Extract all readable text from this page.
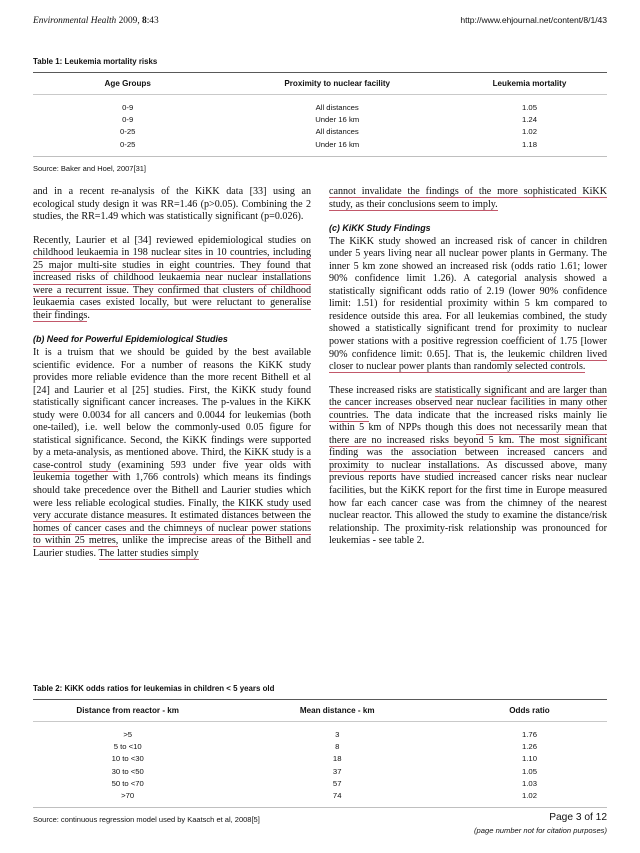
Environmental Health 2009, 8:43	http://www.ehjournal.net/content/8/1/43
Table 1: Leukemia mortality risks
Age Groups	Proximity to nuclear facility	Leukemia mortality
0-9	All distances	1.05
0-9	Under 16 km	1.24
0-25	All distances	1.02
0-25	Under 16 km	1.18
Source: Baker and Hoel, 2007[31]

and in a recent re-analysis of the KiKK data [33] using an ecological study design it was RR=1.46 (p>0.05). Combining the 2 studies, the RR=1.49 which was statistically significant (p=0.026).

Recently, Laurier et al [34] reviewed epidemiological studies on childhood leukaemia in 198 nuclear sites in 10 countries, including 25 major multi-site studies in eight countries. They found that increased risks of childhood leukaemia near nuclear installations were a recurrent issue. They confirmed that clusters of childhood leukaemia cases existed locally, but were reluctant to generalise their findings.

(b) Need for Powerful Epidemiological Studies

It is a truism that we should be guided by the best available scientific evidence. For a number of reasons the KiKK study provides more reliable evidence than the more recent Bithell et al [24] and Laurier et al [25] studies. First, the KiKK study found statistically significant cancer increases. The p-values in the KiKK study were 0.0034 for all cancers and 0.0044 for leukemias (both one-tailed), i.e. well below the commonly-used 0.05 figure for statistical significance. Second, the KiKK findings were supported by a meta-analysis, as mentioned above. Third, the KiKK study is a case-control study (examining 593 under five year olds with leukemia together with 1,766 controls) which means its findings should take precedence over the Bithell and Laurier studies which were less reliable ecological studies. Finally, the KIKK study used very accurate distance measures. It estimated distances between the homes of cancer cases and the chimneys of nuclear power stations to within 25 metres, unlike the imprecise areas of the Bithell and Laurier studies. The latter studies simply

cannot invalidate the findings of the more sophisticated KiKK study, as their conclusions seem to imply.

(c) KiKK Study Findings

The KiKK study showed an increased risk of cancer in children under 5 years living near all nuclear power plants in Germany. The inner 5 km zone showed an increased risk (odds ratio 1.61; lower 90% confidence limit 1.26). A categorial analysis showed a statistically significant odds ratio of 2.19 (lower 90% confidence limit: 1.51) for residential proximity within 5 km compared to residence outside this area. For all leukemias combined, the study showed a statistically significant trend for proximity to nuclear power stations with a positive regression coefficient of 1.75 [lower 90% confidence limit: 0.65]. That is, the leukemic children lived closer to nuclear power plants than randomly selected controls.

These increased risks are statistically significant and are larger than the cancer increases observed near nuclear facilities in many other countries. The data indicate that the increased risks mainly lie within 5 km of NPPs though this does not necessarily mean that there are no increased risks beyond 5 km. The most significant finding was the association between increased cancers and proximity to nuclear installations. As discussed above, many previous reports have studied increased cancer risks near nuclear facilities, but the KiKK report for the first time in Europe measured how far each cancer case was from the chimney of the nearest nuclear reactor. This allowed the study to examine the distance/risk relationship. The proximity-risk relationship was pronounced for leukemias - see table 2.

Table 2: KiKK odds ratios for leukemias in children < 5 years old
Distance from reactor - km	Mean distance - km	Odds ratio
>5	3	1.76
5 to <10	8	1.26
10 to <30	18	1.10
30 to <50	37	1.05
50 to <70	57	1.03
>70	74	1.02
Source: continuous regression model used by Kaatsch et al, 2008[5]	Page 3 of 12
(page number not for citation purposes)
